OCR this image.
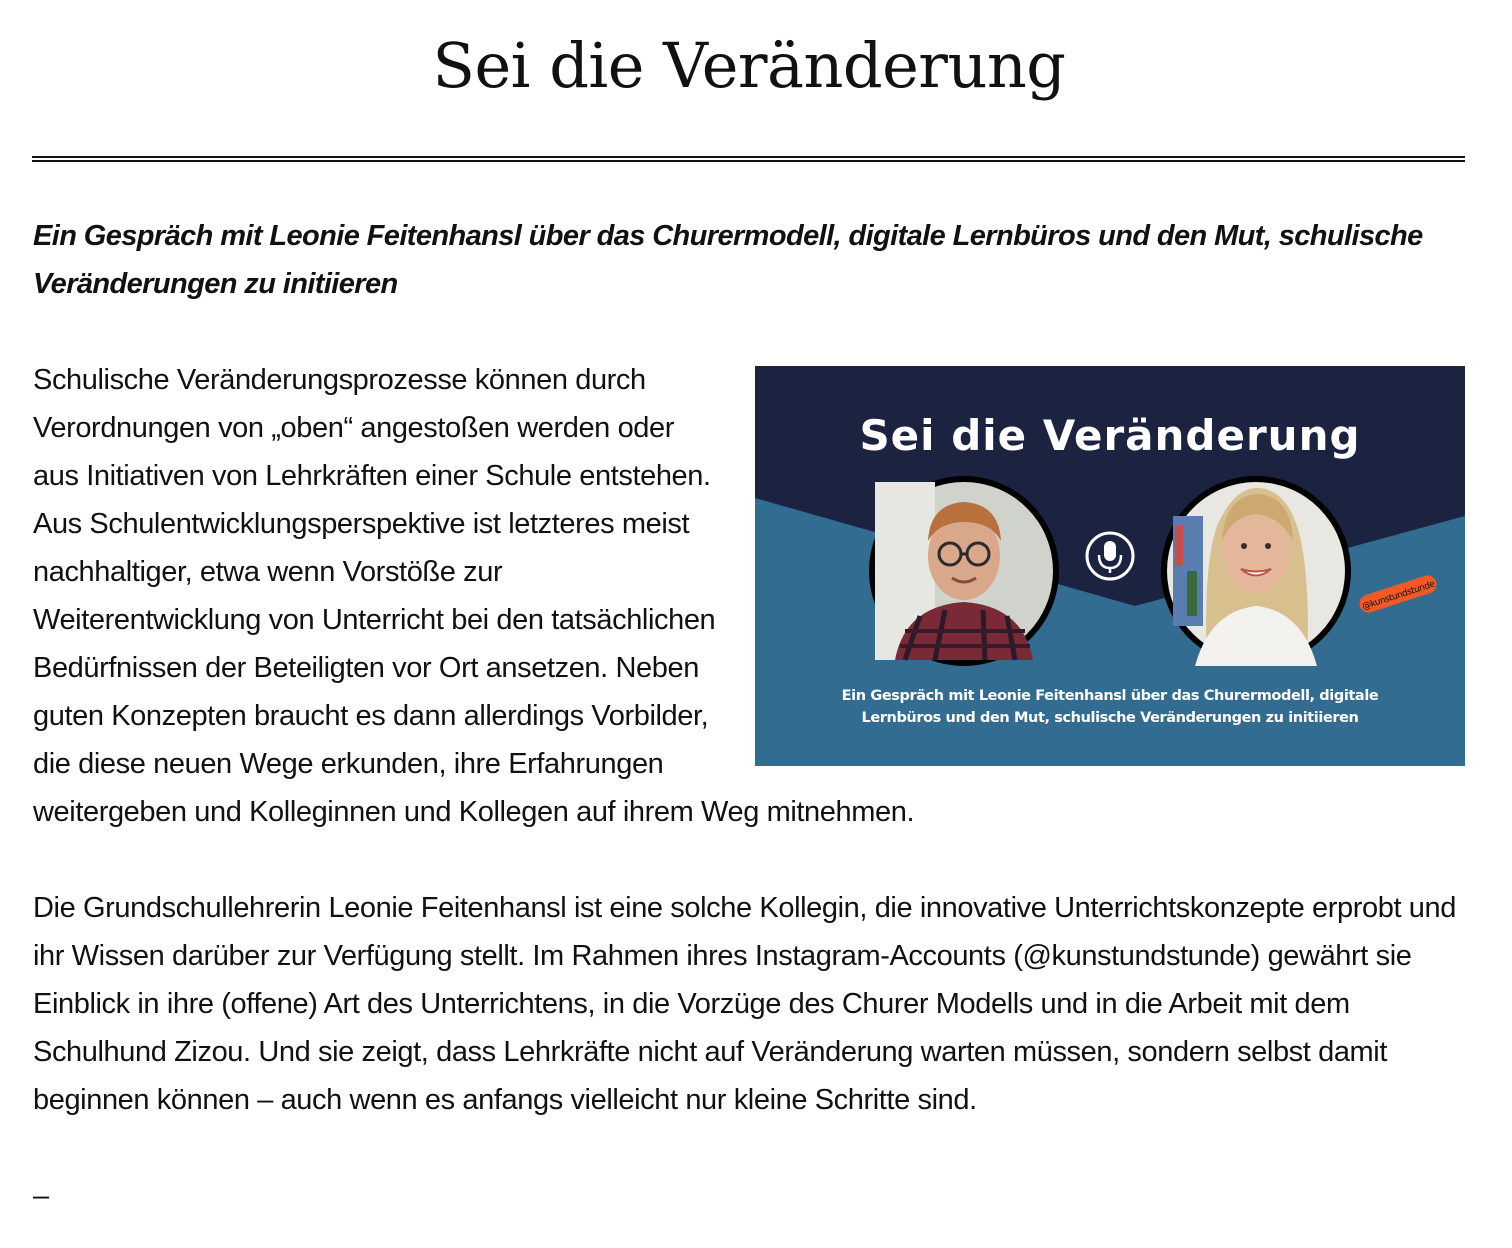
Sei die Veränderung

Ein Gespräch mit Leonie Feitenhansl über das Churermodell, digitale Lernbüros und den Mut, schulische Veränderungen zu initiieren

Sei die Veränderung
@kunstundstunde
Ein Gespräch mit Leonie Feitenhansl über das Churermodell, digitale
Lernbüros und den Mut, schulische Veränderungen zu initiieren

Schulische Veränderungsprozesse können durch Verordnungen von „oben“ angestoßen werden oder aus Initiativen von Lehrkräften einer Schule entstehen. Aus Schulentwicklungsperspektive ist letzteres meist nachhaltiger, etwa wenn Vorstöße zur Weiterentwicklung von Unterricht bei den tatsächlichen Bedürfnissen der Beteiligten vor Ort ansetzen. Neben guten Konzepten braucht es dann allerdings Vorbilder, die diese neuen Wege erkunden, ihre Erfahrungen weitergeben und Kolleginnen und Kollegen auf ihrem Weg mitnehmen.

Die Grundschullehrerin Leonie Feitenhansl ist eine solche Kollegin, die innovative Unterrichtskonzepte erprobt und ihr Wissen darüber zur Verfügung stellt. Im Rahmen ihres Instagram-Accounts (@kunstundstunde) gewährt sie Einblick in ihre (offene) Art des Unterrichtens, in die Vorzüge des Churer Modells und in die Arbeit mit dem Schulhund Zizou. Und sie zeigt, dass Lehrkräfte nicht auf Veränderung warten müssen, sondern selbst damit beginnen können – auch wenn es anfangs vielleicht nur kleine Schritte sind.

–
